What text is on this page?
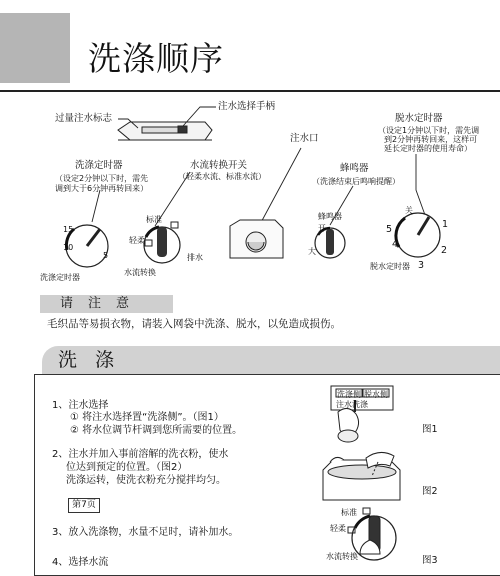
洗涤顺序
过量注水标志
注水选择手柄
注水口
脱水定时器
（设定1分钟以下时，需先调
到2分钟再转回来，这样可
延长定时器的使用寿命）
洗涤定时器
（设定2分钟以下时，需先
调到大于6分钟再转回来）
水流转换开关
（轻柔水流、标准水流）
蜂鸣器
（洗涤结束后鸣响提醒）
15
10
5
洗涤定时器
标准
轻柔
排水
水流转换
蜂鸣器
开
大
关
1
2
3
4
5
脱水定时器
请注意
毛织品等易损衣物，请装入网袋中洗涤、脱水，以免造成损伤。
洗 涤
1、注水选择
① 将注水选择置“洗涤侧”。（图1）
② 将水位调节杆调到您所需要的位置。
2、注水并加入事前溶解的洗衣粉，使水
位达到预定的位置。（图2）
洗涤运转，使洗衣粉充分搅拌均匀。
第7页
3、放入洗涤物，水量不足时，请补加水。
4、选择水流
洗涤侧 脱水侧
注水洗涤
图1
图2
标准
轻柔
水流转换	图3
